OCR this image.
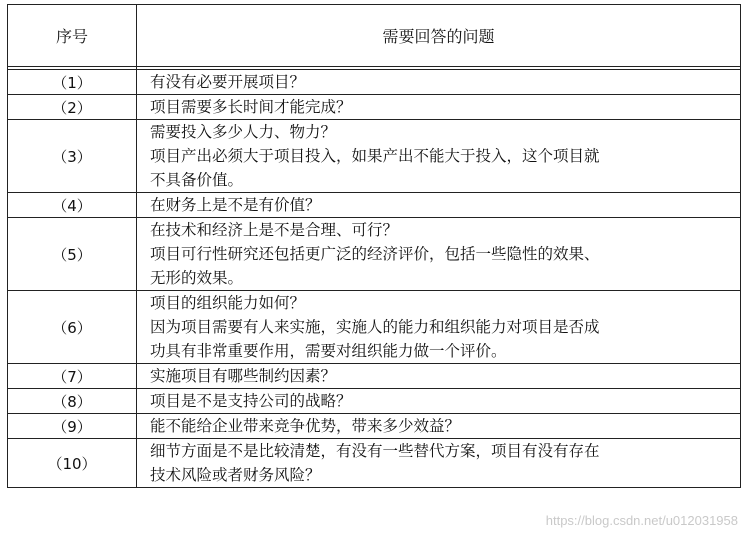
序号	需要回答的问题

（1）	有没有必要开展项目？

（2）	项目需要多长时间才能完成？

（3）	需要投入多少人力、物力？
项目产出必须大于项目投入，如果产出不能大于投入，这个项目就
不具备价值。

（4）	在财务上是不是有价值？

（5）	在技术和经济上是不是合理、可行？
项目可行性研究还包括更广泛的经济评价，包括一些隐性的效果、
无形的效果。

（6）	项目的组织能力如何？
因为项目需要有人来实施，实施人的能力和组织能力对项目是否成
功具有非常重要作用，需要对组织能力做一个评价。

（7）	实施项目有哪些制约因素？

（8）	项目是不是支持公司的战略？

（9）	能不能给企业带来竞争优势，带来多少效益？

（10）	细节方面是不是比较清楚，有没有一些替代方案，项目有没有存在
技术风险或者财务风险？
https://blog.csdn.net/u012031958
